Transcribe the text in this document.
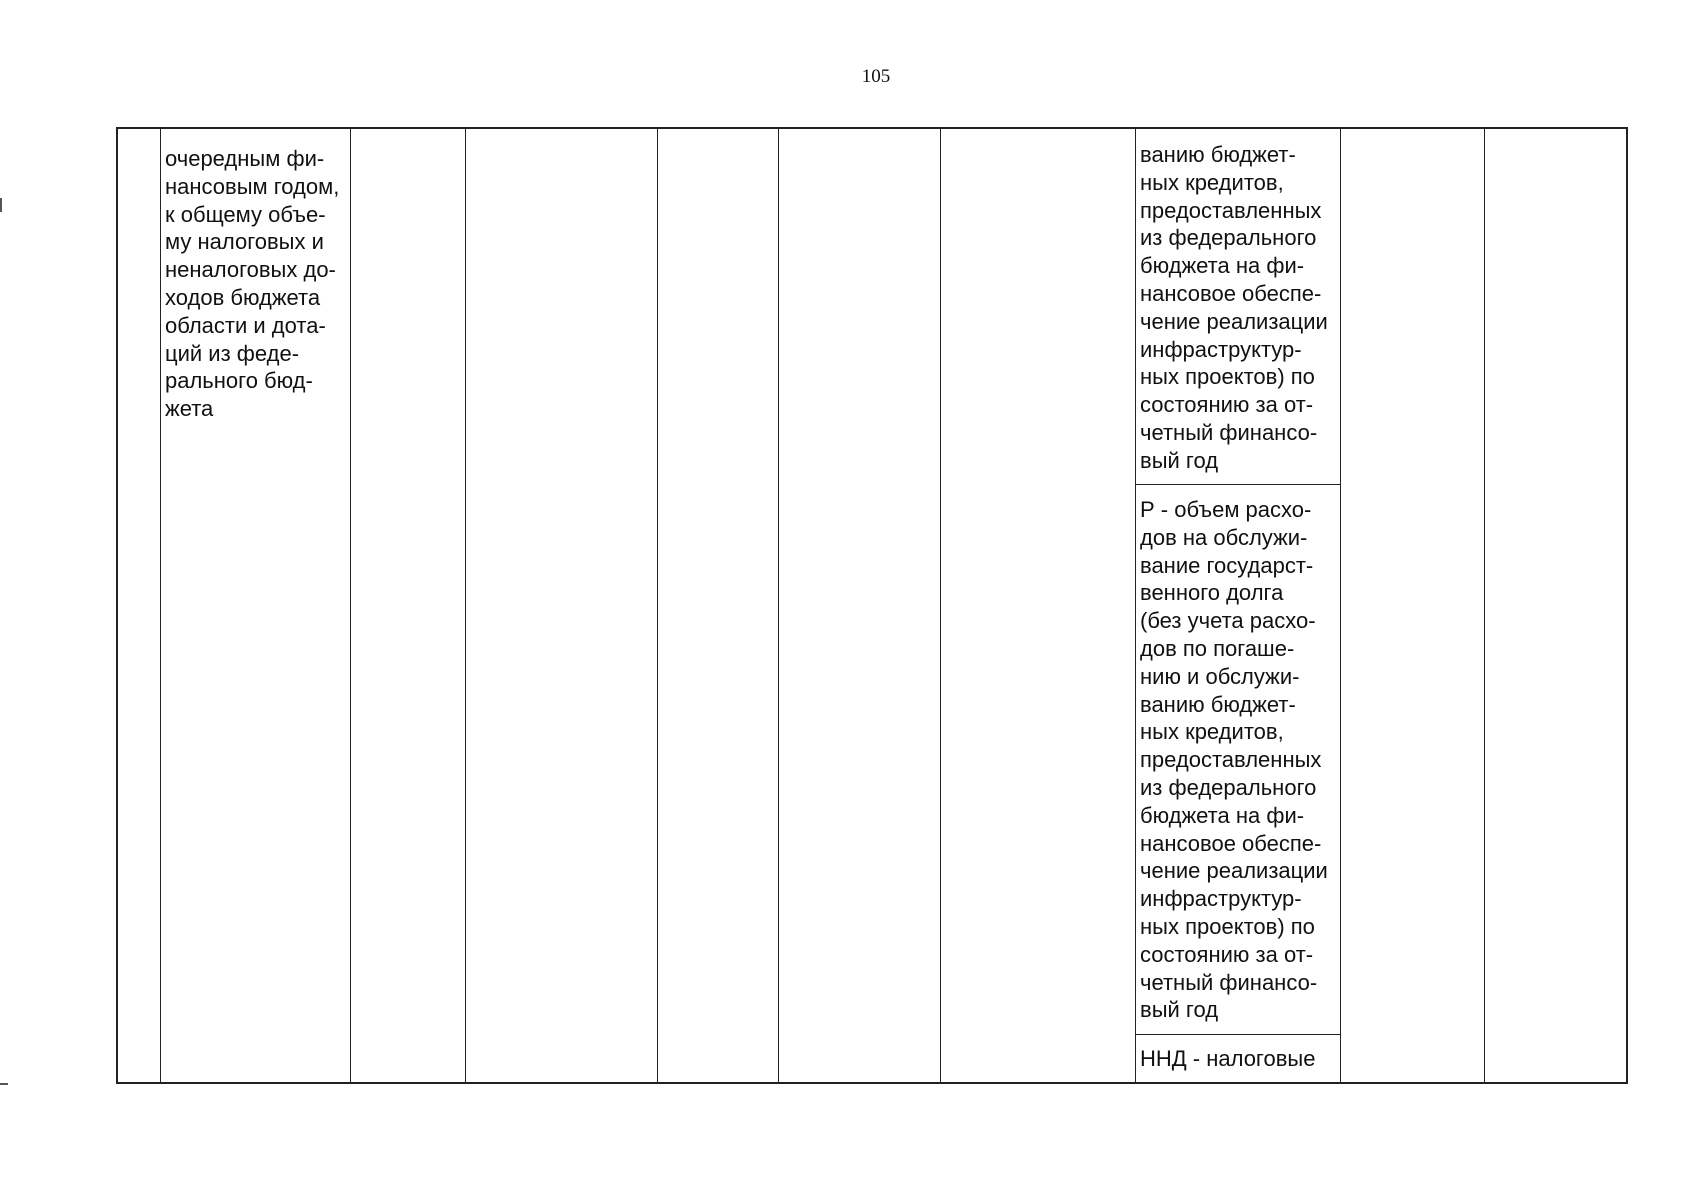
105
очередным фи-
нансовым годом,
к общему объе-
му налоговых и
неналоговых до-
ходов бюджета
области и дота-
ций из феде-
рального бюд-
жета
ванию бюджет-
ных кредитов,
предоставленных
из федерального
бюджета на фи-
нансовое обеспе-
чение реализации
инфраструктур-
ных проектов) по
состоянию за от-
четный финансо-
вый год
Р - объем расхо-
дов на обслужи-
вание государст-
венного долга
(без учета расхо-
дов по погаше-
нию и обслужи-
ванию бюджет-
ных кредитов,
предоставленных
из федерального
бюджета на фи-
нансовое обеспе-
чение реализации
инфраструктур-
ных проектов) по
состоянию за от-
четный финансо-
вый год
ННД - налоговые
